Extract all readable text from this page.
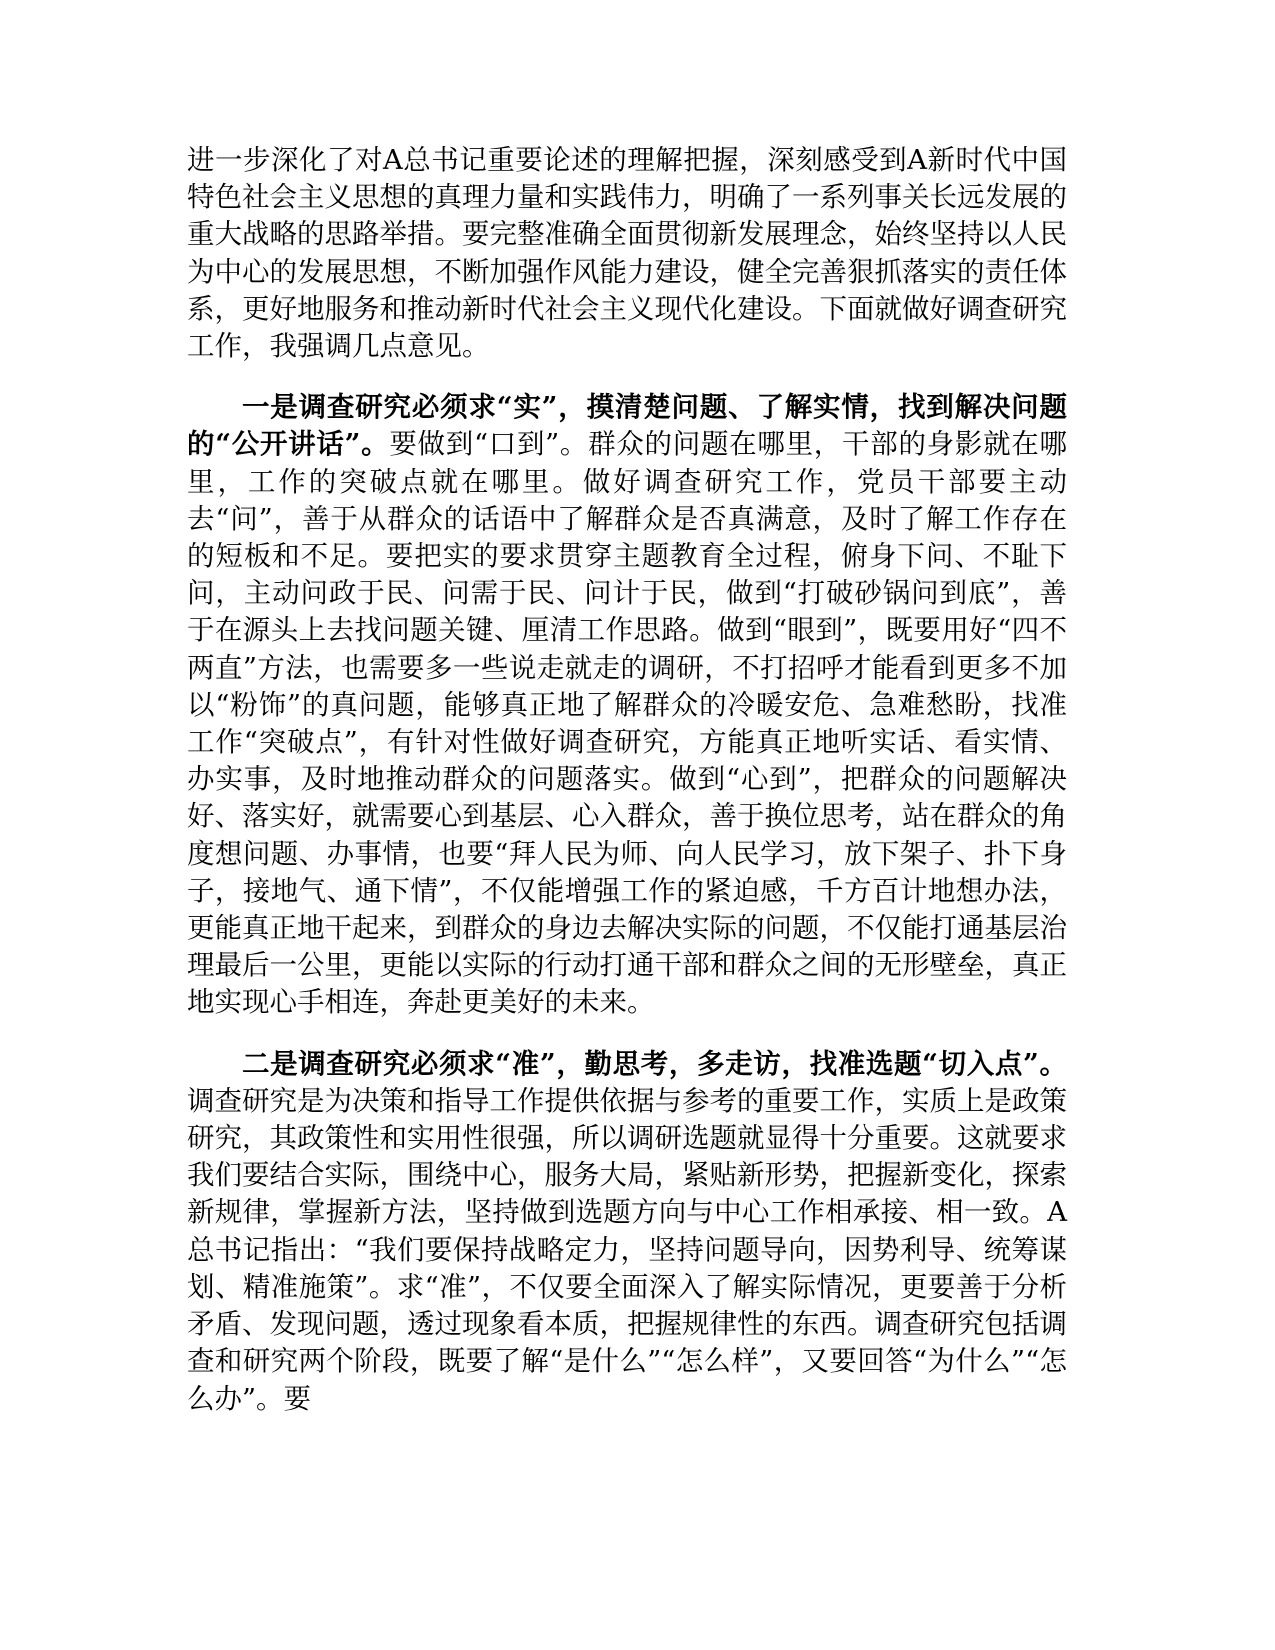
进一步深化了对A总书记重要论述的理解把握，深刻感受到A新时代中国特色社会主义思想的真理力量和实践伟力，明确了一系列事关长远发展的重大战略的思路举措。要完整准确全面贯彻新发展理念，始终坚持以人民为中心的发展思想，不断加强作风能力建设，健全完善狠抓落实的责任体系，更好地服务和推动新时代社会主义现代化建设。下面就做好调查研究工作，我强调几点意见。

一是调查研究必须求“实”，摸清楚问题、了解实情，找到解决问题的“公开讲话”。要做到“口到”。群众的问题在哪里，干部的身影就在哪里，工作的突破点就在哪里。做好调查研究工作，党员干部要主动去“问”，善于从群众的话语中了解群众是否真满意，及时了解工作存在的短板和不足。要把实的要求贯穿主题教育全过程，俯身下问、不耻下问，主动问政于民、问需于民、问计于民，做到“打破砂锅问到底”，善于在源头上去找问题关键、厘清工作思路。做到“眼到”，既要用好“四不两直”方法，也需要多一些说走就走的调研，不打招呼才能看到更多不加以“粉饰”的真问题，能够真正地了解群众的冷暖安危、急难愁盼，找准工作“突破点”，有针对性做好调查研究，方能真正地听实话、看实情、办实事，及时地推动群众的问题落实。做到“心到”，把群众的问题解决好、落实好，就需要心到基层、心入群众，善于换位思考，站在群众的角度想问题、办事情，也要“拜人民为师、向人民学习，放下架子、扑下身子，接地气、通下情”，不仅能增强工作的紧迫感，千方百计地想办法，更能真正地干起来，到群众的身边去解决实际的问题，不仅能打通基层治理最后一公里，更能以实际的行动打通干部和群众之间的无形壁垒，真正地实现心手相连，奔赴更美好的未来。

二是调查研究必须求“准”，勤思考，多走访，找准选题“切入点”。调查研究是为决策和指导工作提供依据与参考的重要工作，实质上是政策研究，其政策性和实用性很强，所以调研选题就显得十分重要。这就要求我们要结合实际，围绕中心，服务大局，紧贴新形势，把握新变化，探索新规律，掌握新方法，坚持做到选题方向与中心工作相承接、相一致。A总书记指出：“我们要保持战略定力，坚持问题导向，因势利导、统筹谋划、精准施策”。求“准”，不仅要全面深入了解实际情况，更要善于分析矛盾、发现问题，透过现象看本质，把握规律性的东西。调查研究包括调查和研究两个阶段，既要了解“是什么”“怎么样”，又要回答“为什么”“怎么办”。要
